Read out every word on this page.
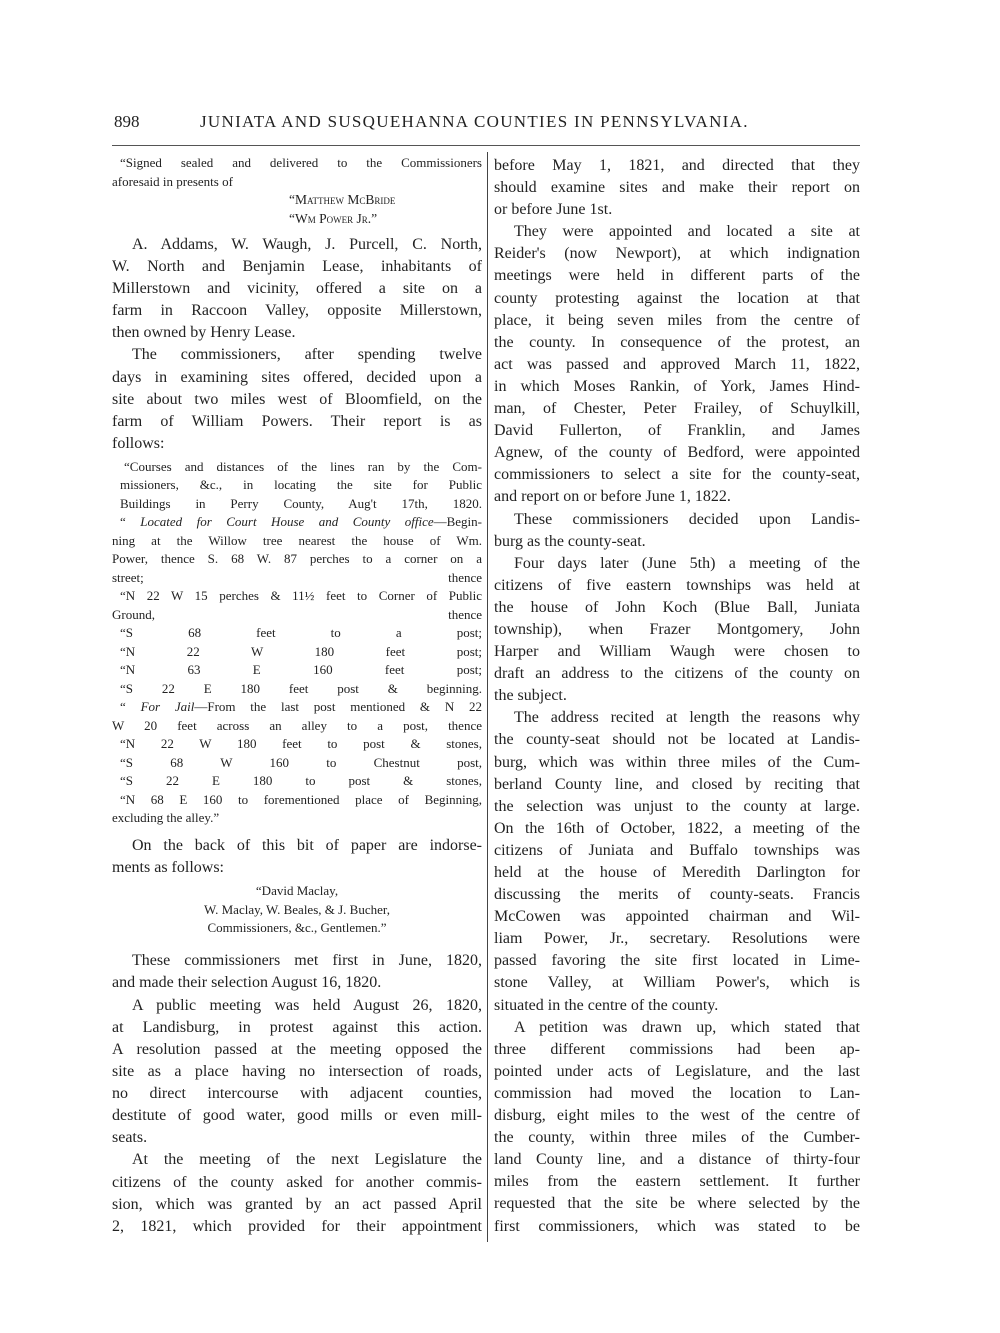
898	JUNIATA AND SUSQUEHANNA COUNTIES IN PENNSYLVANIA.
“Signed sealed and delivered to the Commissioners
aforesaid in presents of
“Matthew McBride
“Wm Power Jr.”
A. Addams, W. Waugh, J. Purcell, C. North,
W. North and Benjamin Lease, inhabitants of
Millerstown and vicinity, offered a site on a
farm in Raccoon Valley, opposite Millerstown,
then owned by Henry Lease.
The commissioners, after spending twelve
days in examining sites offered, decided upon a
site about two miles west of Bloomfield, on the
farm of William Powers. Their report is as
follows:
“Courses and distances of the lines ran by the Com-
missioners, &c., in locating the site for Public
Buildings in Perry County, Aug't 17th, 1820.
“ Located for Court House and County office—Begin-
ning at the Willow tree nearest the house of Wm.
Power, thence S. 68 W. 87 perches to a corner on a
street; thence
“N 22 W 15 perches & 11½ feet to Corner of Public
Ground, thence
“S 68 feet to a post;
“N 22 W 180 feet post;
“N 63 E 160 feet post;
“S 22 E 180 feet post & beginning.
“ For Jail—From the last post mentioned & N 22
W 20 feet across an alley to a post, thence
“N 22 W 180 feet to post & stones,
“S 68 W 160 to Chestnut post,
“S 22 E 180 to post & stones,
“N 68 E 160 to forementioned place of Beginning,
excluding the alley.”
On the back of this bit of paper are indorse-
ments as follows:
“David Maclay,
W. Maclay, W. Beales, & J. Bucher,
Commissioners, &c., Gentlemen.”
These commissioners met first in June, 1820,
and made their selection August 16, 1820.
A public meeting was held August 26, 1820,
at Landisburg, in protest against this action.
A resolution passed at the meeting opposed the
site as a place having no intersection of roads,
no direct intercourse with adjacent counties,
destitute of good water, good mills or even mill-
seats.
At the meeting of the next Legislature the
citizens of the county asked for another commis-
sion, which was granted by an act passed April
2, 1821, which provided for their appointment
before May 1, 1821, and directed that they
should examine sites and make their report on
or before June 1st.
They were appointed and located a site at
Reider's (now Newport), at which indignation
meetings were held in different parts of the
county protesting against the location at that
place, it being seven miles from the centre of
the county. In consequence of the protest, an
act was passed and approved March 11, 1822,
in which Moses Rankin, of York, James Hind-
man, of Chester, Peter Frailey, of Schuylkill,
David Fullerton, of Franklin, and James
Agnew, of the county of Bedford, were appointed
commissioners to select a site for the county-seat,
and report on or before June 1, 1822.
These commissioners decided upon Landis-
burg as the county-seat.
Four days later (June 5th) a meeting of the
citizens of five eastern townships was held at
the house of John Koch (Blue Ball, Juniata
township), when Frazer Montgomery, John
Harper and William Waugh were chosen to
draft an address to the citizens of the county on
the subject.
The address recited at length the reasons why
the county-seat should not be located at Landis-
burg, which was within three miles of the Cum-
berland County line, and closed by reciting that
the selection was unjust to the county at large.
On the 16th of October, 1822, a meeting of the
citizens of Juniata and Buffalo townships was
held at the house of Meredith Darlington for
discussing the merits of county-seats. Francis
McCowen was appointed chairman and Wil-
liam Power, Jr., secretary. Resolutions were
passed favoring the site first located in Lime-
stone Valley, at William Power's, which is
situated in the centre of the county.
A petition was drawn up, which stated that
three different commissions had been ap-
pointed under acts of Legislature, and the last
commission had moved the location to Lan-
disburg, eight miles to the west of the centre of
the county, within three miles of the Cumber-
land County line, and a distance of thirty-four
miles from the eastern settlement. It further
requested that the site be where selected by the
first commissioners, which was stated to be
